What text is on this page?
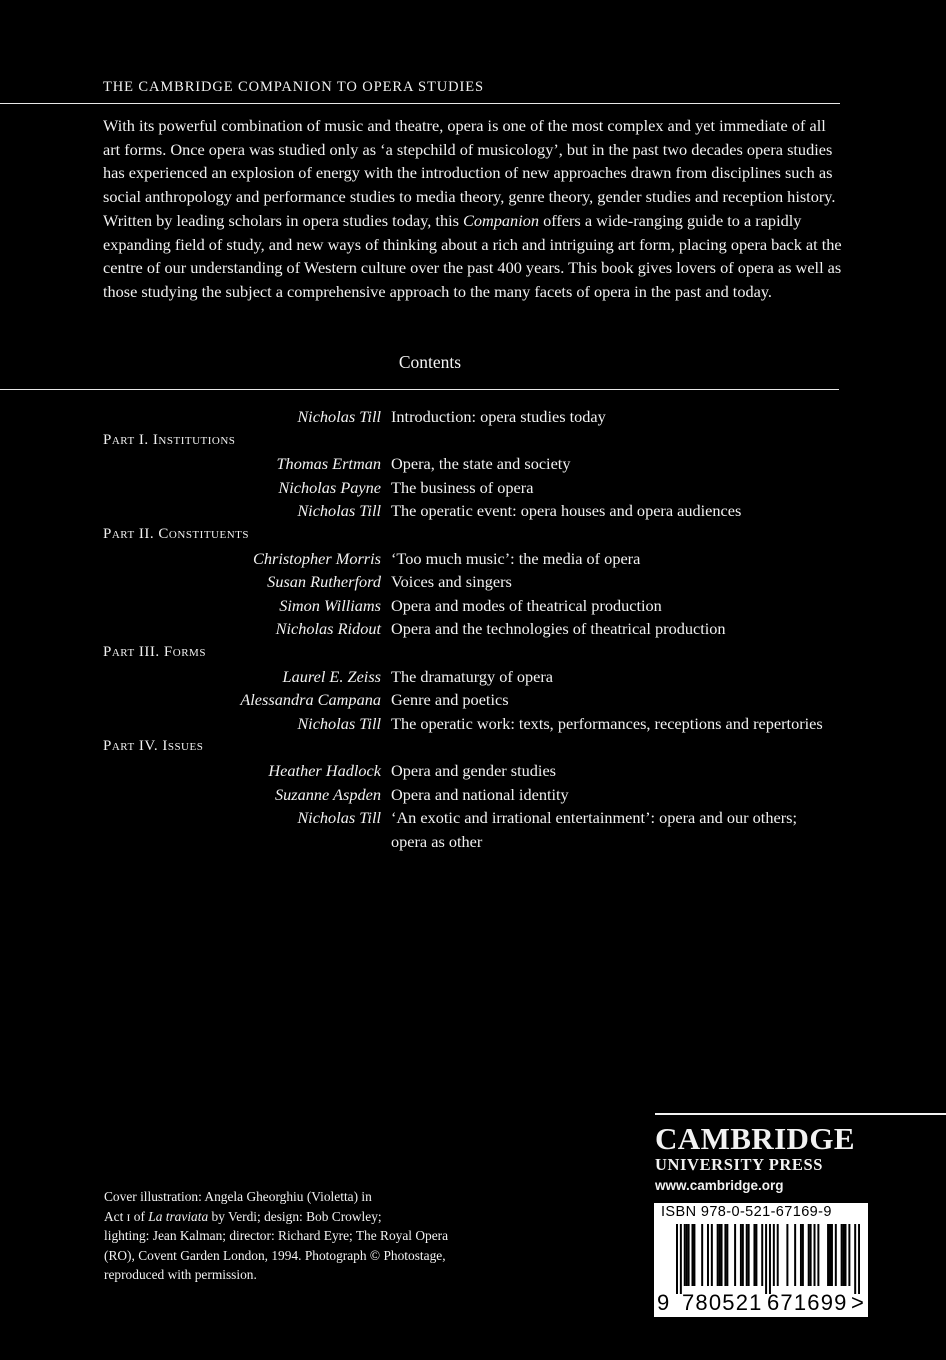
THE CAMBRIDGE COMPANION TO OPERA STUDIES

With its powerful combination of music and theatre, opera is one of the most complex and yet immediate of all art forms. Once opera was studied only as ‘a stepchild of musicology’, but in the past two decades opera studies has experienced an explosion of energy with the introduction of new approaches drawn from disciplines such as social anthropology and performance studies to media theory, genre theory, gender studies and reception history. Written by leading scholars in opera studies today, this Companion offers a wide-ranging guide to a rapidly expanding field of study, and new ways of thinking about a rich and intriguing art form, placing opera back at the centre of our understanding of Western culture over the past 400 years. This book gives lovers of opera as well as those studying the subject a comprehensive approach to the many facets of opera in the past and today.

Contents
Nicholas Till Introduction: opera studies today
Part I. Institutions
Thomas Ertman Opera, the state and society
Nicholas Payne The business of opera
Nicholas Till The operatic event: opera houses and opera audiences
Part II. Constituents
Christopher Morris ‘Too much music’: the media of opera
Susan Rutherford Voices and singers
Simon Williams Opera and modes of theatrical production
Nicholas Ridout Opera and the technologies of theatrical production
Part III. Forms
Laurel E. Zeiss The dramaturgy of opera
Alessandra Campana Genre and poetics
Nicholas Till The operatic work: texts, performances, receptions and repertories
Part IV. Issues
Heather Hadlock Opera and gender studies
Suzanne Aspden Opera and national identity
Nicholas Till ‘An exotic and irrational entertainment’: opera and our others; opera as other

Cover illustration: Angela Gheorghiu (Violetta) in
Act ɪ of La traviata by Verdi; design: Bob Crowley;
lighting: Jean Kalman; director: Richard Eyre; The Royal Opera (RO), Covent Garden London, 1994. Photograph © Photostage, reproduced with permission.

CAMBRIDGE
UNIVERSITY PRESS
www.cambridge.org
ISBN 978-0-521-67169-9
9 780521 671699 >
